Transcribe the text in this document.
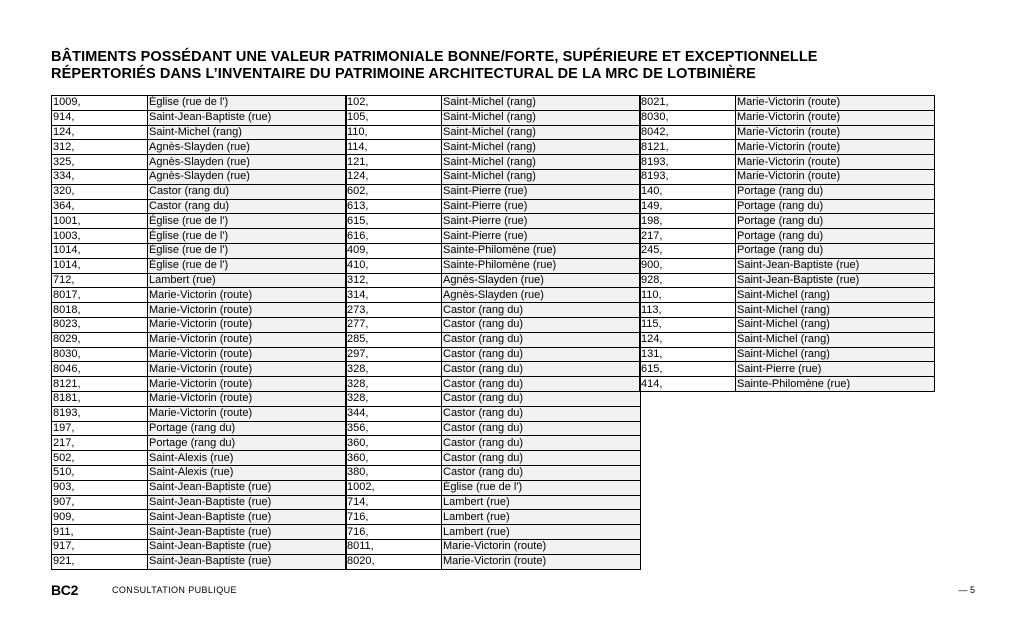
BÂTIMENTS POSSÉDANT UNE VALEUR PATRIMONIALE BONNE/FORTE, SUPÉRIEURE ET EXCEPTIONNELLE
RÉPERTORIÉS DANS L’INVENTAIRE DU PATRIMOINE ARCHITECTURAL DE LA MRC DE LOTBINIÈRE
1009,	Église (rue de l')
914,	Saint-Jean-Baptiste (rue)
124,	Saint-Michel (rang)
312,	Agnès-Slayden (rue)
325,	Agnès-Slayden (rue)
334,	Agnès-Slayden (rue)
320,	Castor (rang du)
364,	Castor (rang du)
1001,	Église (rue de l')
1003,	Église (rue de l')
1014,	Église (rue de l')
1014,	Église (rue de l')
712,	Lambert (rue)
8017,	Marie-Victorin (route)
8018,	Marie-Victorin (route)
8023,	Marie-Victorin (route)
8029,	Marie-Victorin (route)
8030,	Marie-Victorin (route)
8046,	Marie-Victorin (route)
8121,	Marie-Victorin (route)
8181,	Marie-Victorin (route)
8193,	Marie-Victorin (route)
197,	Portage (rang du)
217,	Portage (rang du)
502,	Saint-Alexis (rue)
510,	Saint-Alexis (rue)
903,	Saint-Jean-Baptiste (rue)
907,	Saint-Jean-Baptiste (rue)
909,	Saint-Jean-Baptiste (rue)
911,	Saint-Jean-Baptiste (rue)
917,	Saint-Jean-Baptiste (rue)
921,	Saint-Jean-Baptiste (rue)
102,	Saint-Michel (rang)
105,	Saint-Michel (rang)
110,	Saint-Michel (rang)
114,	Saint-Michel (rang)
121,	Saint-Michel (rang)
124,	Saint-Michel (rang)
602,	Saint-Pierre (rue)
613,	Saint-Pierre (rue)
615,	Saint-Pierre (rue)
616,	Saint-Pierre (rue)
409,	Sainte-Philomène (rue)
410,	Sainte-Philomène (rue)
312,	Agnès-Slayden (rue)
314,	Agnès-Slayden (rue)
273,	Castor (rang du)
277,	Castor (rang du)
285,	Castor (rang du)
297,	Castor (rang du)
328,	Castor (rang du)
328,	Castor (rang du)
328,	Castor (rang du)
344,	Castor (rang du)
356,	Castor (rang du)
360,	Castor (rang du)
360,	Castor (rang du)
380,	Castor (rang du)
1002,	Église (rue de l')
714,	Lambert (rue)
716,	Lambert (rue)
716,	Lambert (rue)
8011,	Marie-Victorin (route)
8020,	Marie-Victorin (route)
8021,	Marie-Victorin (route)
8030,	Marie-Victorin (route)
8042,	Marie-Victorin (route)
8121,	Marie-Victorin (route)
8193,	Marie-Victorin (route)
8193,	Marie-Victorin (route)
140,	Portage (rang du)
149,	Portage (rang du)
198,	Portage (rang du)
217,	Portage (rang du)
245,	Portage (rang du)
900,	Saint-Jean-Baptiste (rue)
928,	Saint-Jean-Baptiste (rue)
110,	Saint-Michel (rang)
113,	Saint-Michel (rang)
115,	Saint-Michel (rang)
124,	Saint-Michel (rang)
131,	Saint-Michel (rang)
615,	Saint-Pierre (rue)
414,	Sainte-Philomène (rue)
BC2	CONSULTATION PUBLIQUE	— 5
